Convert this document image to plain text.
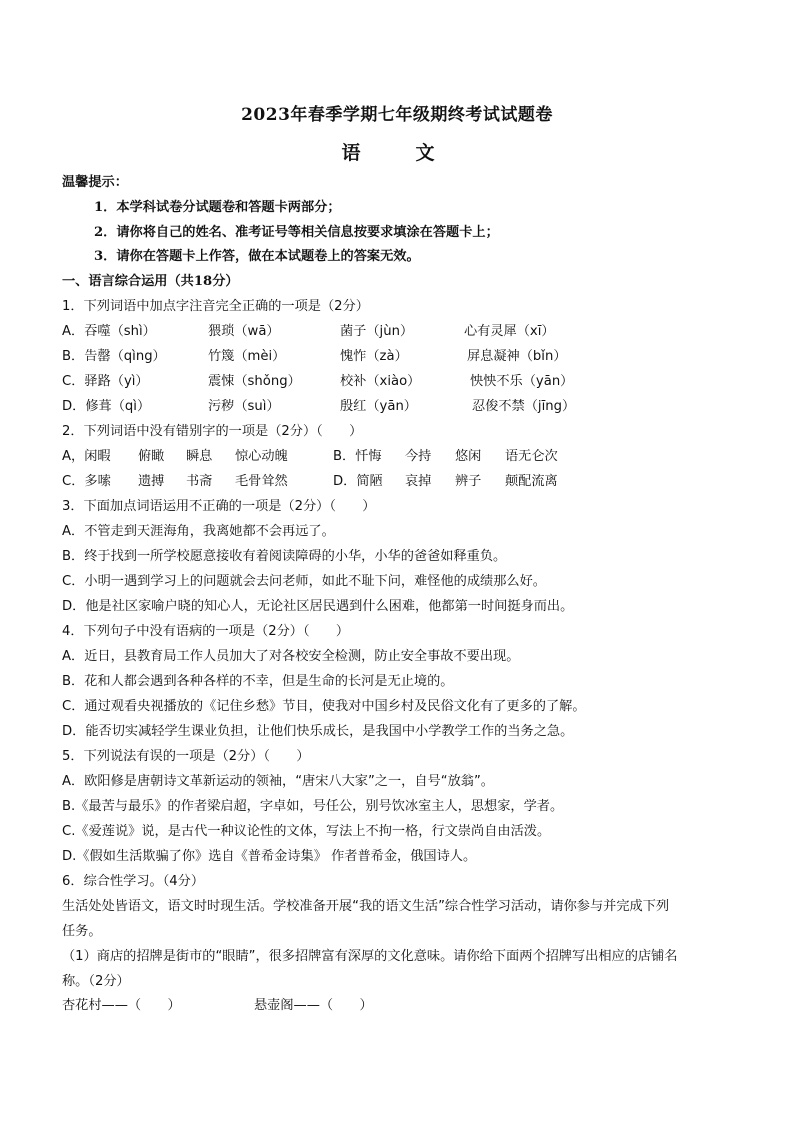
2023年春季学期七年级期终考试试题卷
语　文
温馨提示：
1．本学科试卷分试题卷和答题卡两部分；
2．请你将自己的姓名、准考证号等相关信息按要求填涂在答题卡上；
3．请你在答题卡上作答，做在本试题卷上的答案无效。
一、语言综合运用（共18分）
1．下列词语中加点字注音完全正确的一项是（2分）
A．吞噬（shì）	猥琐（wā）	菌子（jùn）	心有灵犀（xī）
B．告罄（qìng）	竹篾（mèi）	愧怍（zà）	屏息凝神（bǐn）
C．驿路（yì）	震悚（shǒng）	校补（xiào）	怏怏不乐（yān）
D．修葺（qì）	污秽（suì）	殷红（yān）	忍俊不禁（jīng）
2．下列词语中没有错别字的一项是（2分）（　　）
A，闲暇 俯瞰 瞬息 惊心动魄	B．忏悔 今持 悠闲 语无仑次
C．多嗦 遗搏 书斋 毛骨耸然	D．简陋 哀掉 辨子 颠配流离
3．下面加点词语运用不正确的一项是（2分）（　　）
A．不管走到天涯海角，我离她都不会再远了。
B．终于找到一所学校愿意接收有着阅读障碍的小华，小华的爸爸如释重负。
C．小明一遇到学习上的问题就会去问老师，如此不耻下问，难怪他的成绩那么好。
D．他是社区家喻户晓的知心人，无论社区居民遇到什么困难，他都第一时间挺身而出。
4．下列句子中没有语病的一项是（2分）（　　）
A．近日，县教育局工作人员加大了对各校安全检测，防止安全事故不要出现。
B．花和人都会遇到各种各样的不幸，但是生命的长河是无止境的。
C．通过观看央视播放的《记住乡愁》节目，使我对中国乡村及民俗文化有了更多的了解。
D．能否切实减轻学生课业负担，让他们快乐成长，是我国中小学教学工作的当务之急。
5．下列说法有误的一项是（2分）（　　）
A．欧阳修是唐朝诗文革新运动的领袖，“唐宋八大家”之一，自号“放翁”。
B.《最苦与最乐》的作者梁启超，字卓如，号任公，别号饮冰室主人，思想家，学者。
C.《爱莲说》说，是古代一种议论性的文体，写法上不拘一格，行文崇尚自由活泼。
D.《假如生活欺骗了你》选自《普希金诗集》 作者普希金，俄国诗人。
6．综合性学习。（4分）
生活处处皆语文，语文时时现生活。学校准备开展“我的语文生活”综合性学习活动，请你参与并完成下列
任务。
（1）商店的招牌是街市的“眼睛”，很多招牌富有深厚的文化意味。请你给下面两个招牌写出相应的店铺名
称。（2分）
杏花村——（　　）	悬壶阁——（　　）
